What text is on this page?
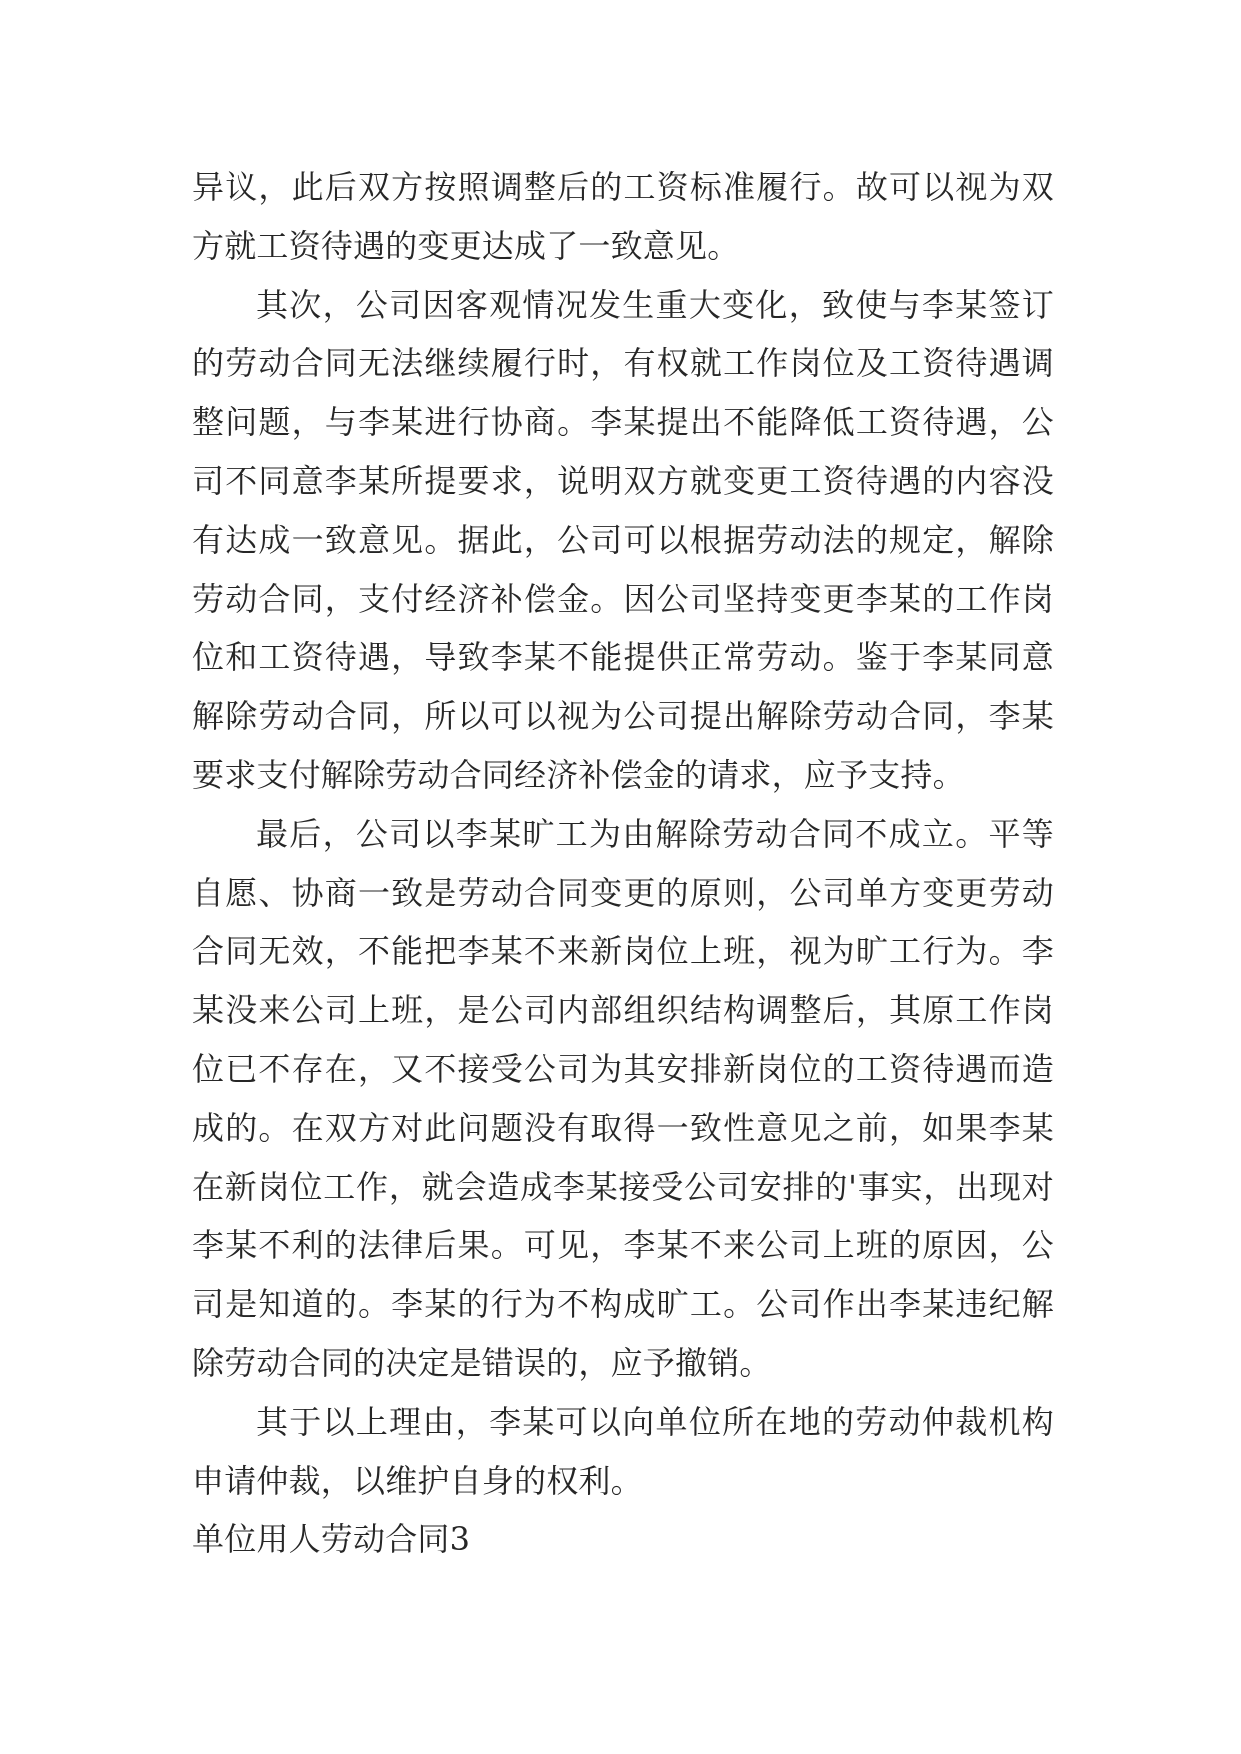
异议，此后双方按照调整后的工资标准履行。故可以视为双方就工资待遇的变更达成了一致意见。

其次，公司因客观情况发生重大变化，致使与李某签订的劳动合同无法继续履行时，有权就工作岗位及工资待遇调整问题，与李某进行协商。李某提出不能降低工资待遇，公司不同意李某所提要求，说明双方就变更工资待遇的内容没有达成一致意见。据此，公司可以根据劳动法的规定，解除劳动合同，支付经济补偿金。因公司坚持变更李某的工作岗位和工资待遇，导致李某不能提供正常劳动。鉴于李某同意解除劳动合同，所以可以视为公司提出解除劳动合同，李某要求支付解除劳动合同经济补偿金的请求，应予支持。

最后，公司以李某旷工为由解除劳动合同不成立。平等自愿、协商一致是劳动合同变更的原则，公司单方变更劳动合同无效，不能把李某不来新岗位上班，视为旷工行为。李某没来公司上班，是公司内部组织结构调整后，其原工作岗位已不存在，又不接受公司为其安排新岗位的工资待遇而造成的。在双方对此问题没有取得一致性意见之前，如果李某在新岗位工作，就会造成李某接受公司安排的'事实，出现对李某不利的法律后果。可见，李某不来公司上班的原因，公司是知道的。李某的行为不构成旷工。公司作出李某违纪解除劳动合同的决定是错误的，应予撤销。

其于以上理由，李某可以向单位所在地的劳动仲裁机构申请仲裁，以维护自身的权利。

单位用人劳动合同3
